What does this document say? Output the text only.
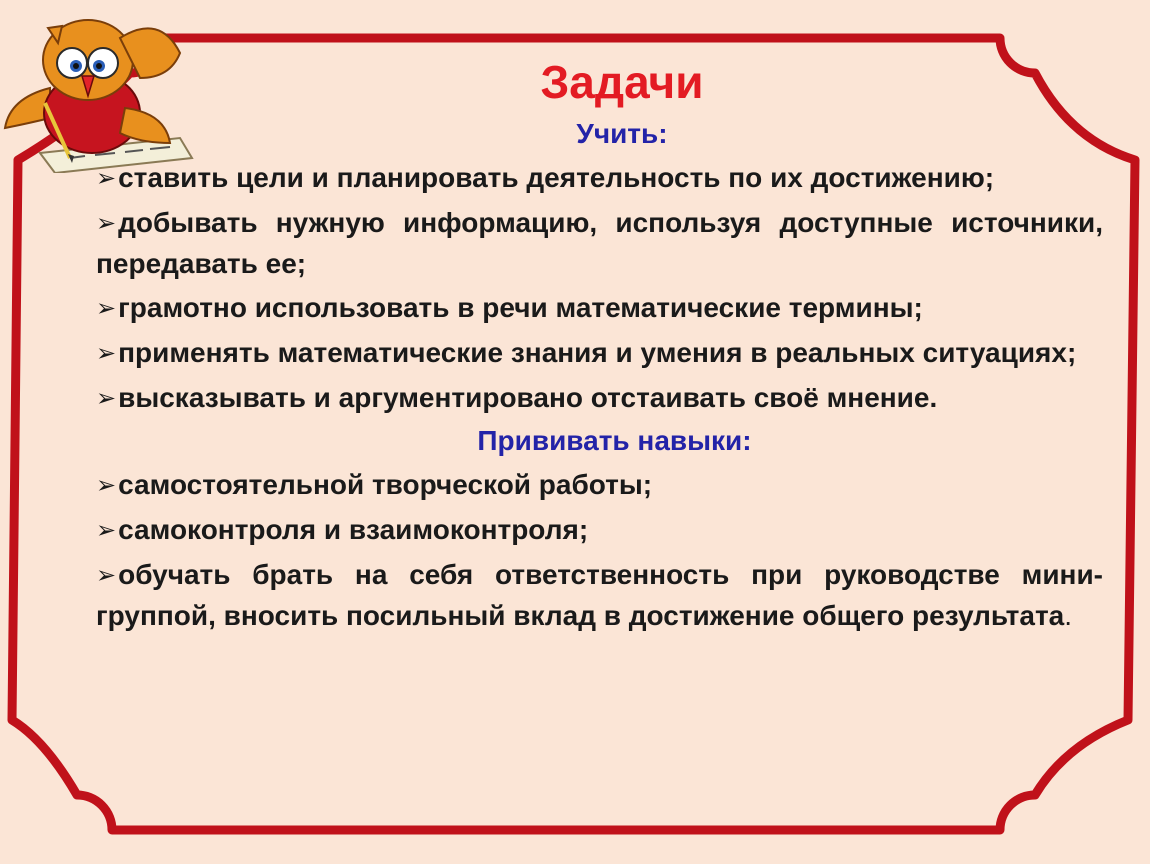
Задачи
Учить:
➢ставить цели и планировать деятельность по их достижению;
➢добывать нужную информацию, используя доступные источники, передавать ее;
➢грамотно использовать в речи математические термины;
➢применять математические знания и умения в реальных ситуациях;
➢высказывать и аргументировано отстаивать своё мнение.
Прививать навыки:
➢самостоятельной творческой работы;
➢самоконтроля и взаимоконтроля;
➢обучать брать на себя ответственность при руководстве мини-группой, вносить посильный вклад в достижение общего результата.
